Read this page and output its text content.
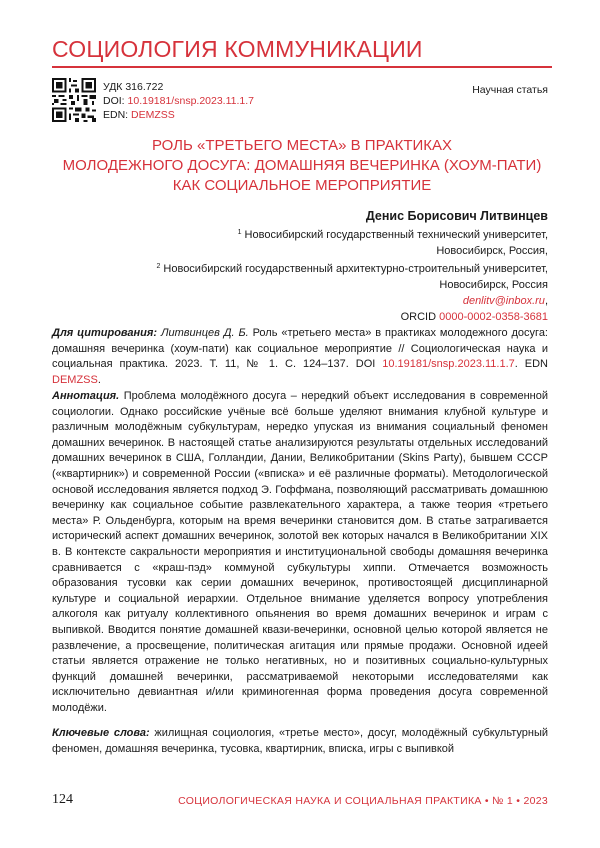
СОЦИОЛОГИЯ КОММУНИКАЦИИ
УДК 316.722
DOI: 10.19181/snsp.2023.11.1.7
EDN: DEMZSS
Научная статья
РОЛЬ «ТРЕТЬЕГО МЕСТА» В ПРАКТИКАХ
МОЛОДЕЖНОГО ДОСУГА: ДОМАШНЯЯ ВЕЧЕРИНКА (ХОУМ-ПАТИ)
КАК СОЦИАЛЬНОЕ МЕРОПРИЯТИЕ
Денис Борисович Литвинцев
$^1$ Новосибирский государственный технический университет,
Новосибирск, Россия,
$^2$ Новосибирский государственный архитектурно-строительный университет,
Новосибирск, Россия
denlitv@inbox.ru,
ORCID 0000-0002-0358-3681
Для цитирования: Литвинцев Д. Б. Роль «третьего места» в практиках молодежного досуга: домашняя вечеринка (хоум-пати) как социальное мероприятие // Социологическая наука и социальная практика. 2023. Т. 11, № 1. С. 124–137. DOI 10.19181/snsp.2023.11.1.7. EDN DEMZSS.
Аннотация. Проблема молодёжного досуга – нередкий объект исследования в современной социологии. Однако российские учёные всё больше уделяют внимания клубной культуре и различным молодёжным субкультурам, нередко упуская из внимания социальный феномен домашних вечеринок. В настоящей статье анализируются результаты отдельных исследований домашних вечеринок в США, Голландии, Дании, Великобритании (Skins Party), бывшем СССР («квартирник») и современной России («вписка» и её различные форматы). Методологической основой исследования является подход Э. Гоффмана, позволяющий рассматривать домашнюю вечеринку как социальное событие развлекательного характера, а также теория «третьего места» Р. Ольденбурга, которым на время вечеринки становится дом. В статье затрагивается исторический аспект домашних вечеринок, золотой век которых начался в Великобритании XIX в. В контексте сакральности мероприятия и институциональной свободы домашняя вечеринка сравнивается с «краш-пэд» коммуной субкультуры хиппи. Отмечается возможность образования тусовки как серии домашних вечеринок, противостоящей дисциплинарной культуре и социальной иерархии. Отдельное внимание уделяется вопросу употребления алкоголя как ритуалу коллективного опьянения во время домашних вечеринок и играм с выпивкой. Вводится понятие домашней квази-вечеринки, основной целью которой является не развлечение, а просвещение, политическая агитация или прямые продажи. Основной идеей статьи является отражение не только негативных, но и позитивных социально-культурных функций домашней вечеринки, рассматриваемой некоторыми исследователями как исключительно девиантная и/или криминогенная форма проведения досуга современной молодёжи.
Ключевые слова: жилищная социология, «третье место», досуг, молодёжный субкультурный феномен, домашняя вечеринка, тусовка, квартирник, вписка, игры с выпивкой
124	СОЦИОЛОГИЧЕСКАЯ НАУКА И СОЦИАЛЬНАЯ ПРАКТИКА • № 1 • 2023
